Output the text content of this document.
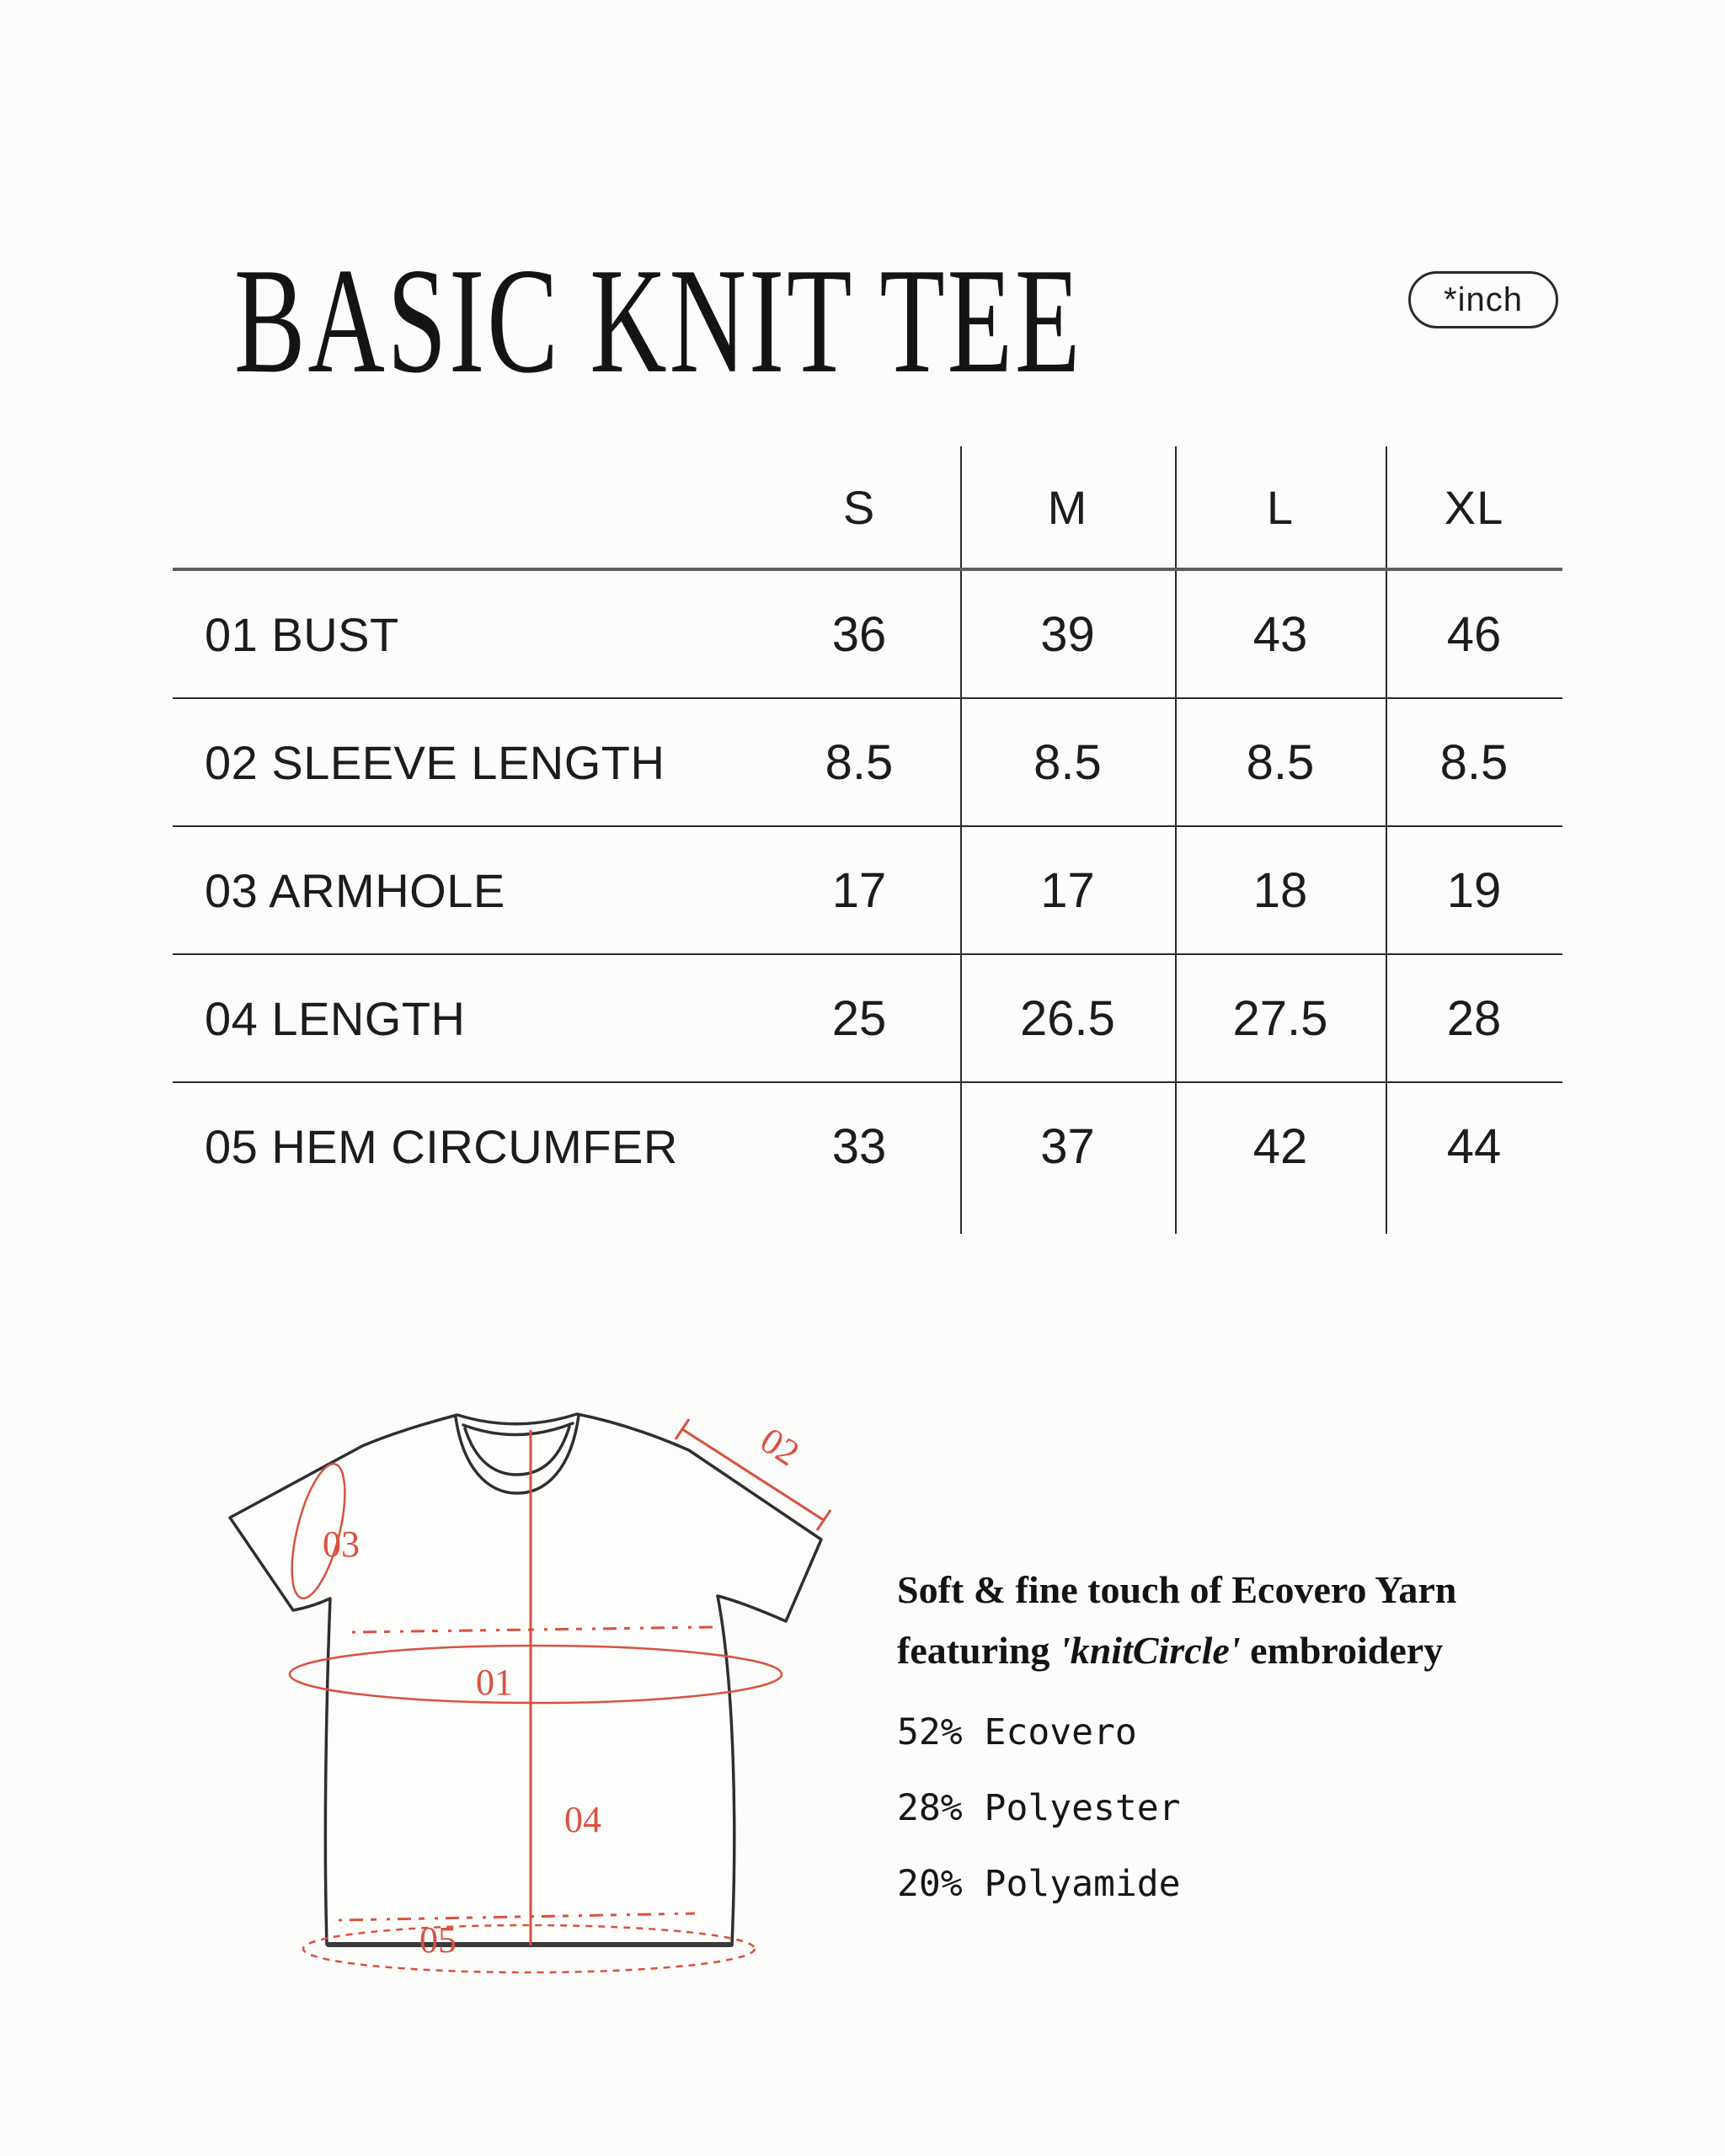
BASIC KNIT TEE	*inch
S	M	L	XL
01 BUST	36	39	43	46
02 SLEEVE LENGTH	8.5	8.5	8.5	8.5
03 ARMHOLE	17	17	18	19
04 LENGTH	25	26.5	27.5	28
05 HEM CIRCUMFER	33	37	42	44
03
02
01
04
05
Soft & fine touch of Ecovero Yarn
featuring 'knitCircle' embroidery
52% Ecovero
28% Polyester
20% Polyamide
